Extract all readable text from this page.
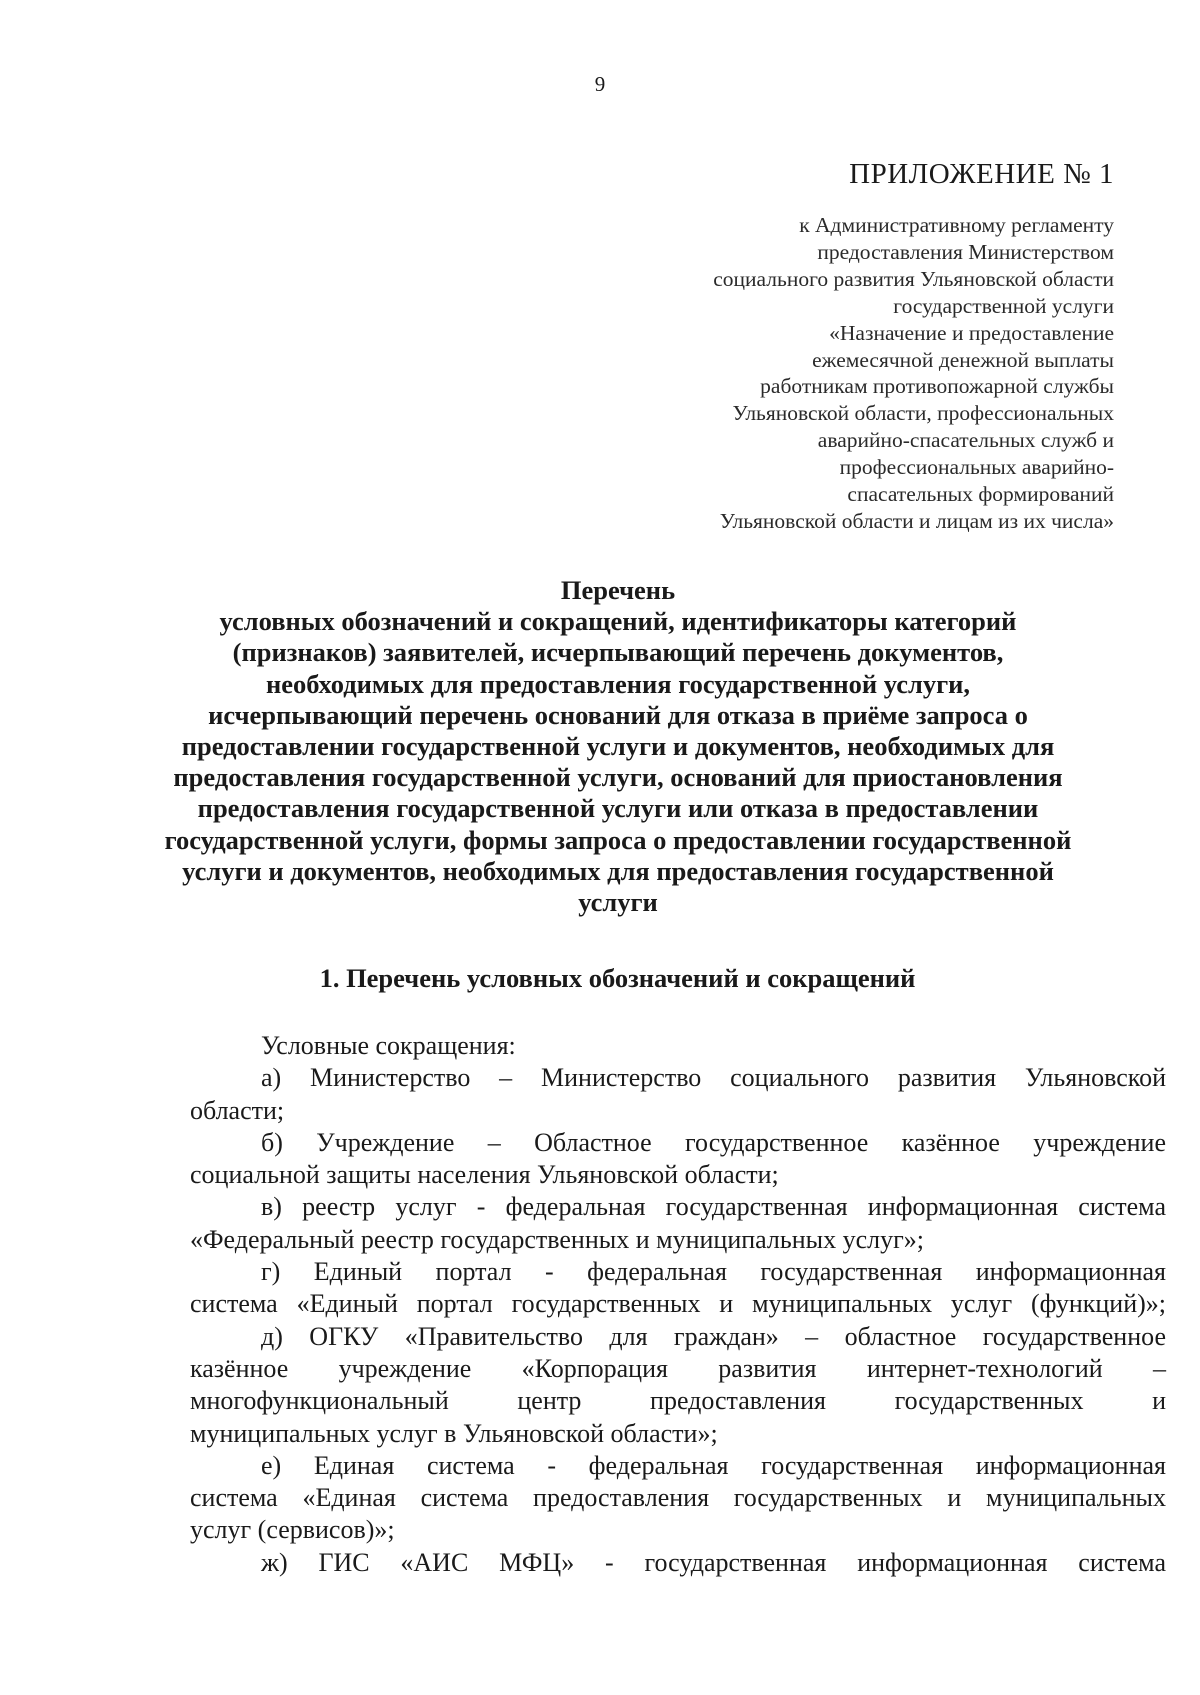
9
ПРИЛОЖЕНИЕ № 1
к Административному регламенту
предоставления Министерством
социального развития Ульяновской области
государственной услуги
«Назначение и предоставление
ежемесячной денежной выплаты
работникам противопожарной службы
Ульяновской области, профессиональных
аварийно-спасательных служб и
профессиональных аварийно-
спасательных формирований
Ульяновской области и лицам из их числа»
Перечень
условных обозначений и сокращений, идентификаторы категорий
(признаков) заявителей, исчерпывающий перечень документов,
необходимых для предоставления государственной услуги,
исчерпывающий перечень оснований для отказа в приёме запроса о
предоставлении государственной услуги и документов, необходимых для
предоставления государственной услуги, оснований для приостановления
предоставления государственной услуги или отказа в предоставлении
государственной услуги, формы запроса о предоставлении государственной
услуги и документов, необходимых для предоставления государственной
услуги
1. Перечень условных обозначений и сокращений
Условные сокращения:
а) Министерство – Министерство социального развития Ульяновской
области;
б) Учреждение – Областное государственное казённое учреждение
социальной защиты населения Ульяновской области;
в) реестр услуг - федеральная государственная информационная система
«Федеральный реестр государственных и муниципальных услуг»;
г) Единый портал - федеральная государственная информационная
система «Единый портал государственных и муниципальных услуг (функций)»;
д) ОГКУ «Правительство для граждан» – областное государственное
казённое учреждение «Корпорация развития интернет-технологий –
многофункциональный центр предоставления государственных и
муниципальных услуг в Ульяновской области»;
е) Единая система - федеральная государственная информационная
система «Единая система предоставления государственных и муниципальных
услуг (сервисов)»;
ж) ГИС «АИС МФЦ» - государственная информационная система
